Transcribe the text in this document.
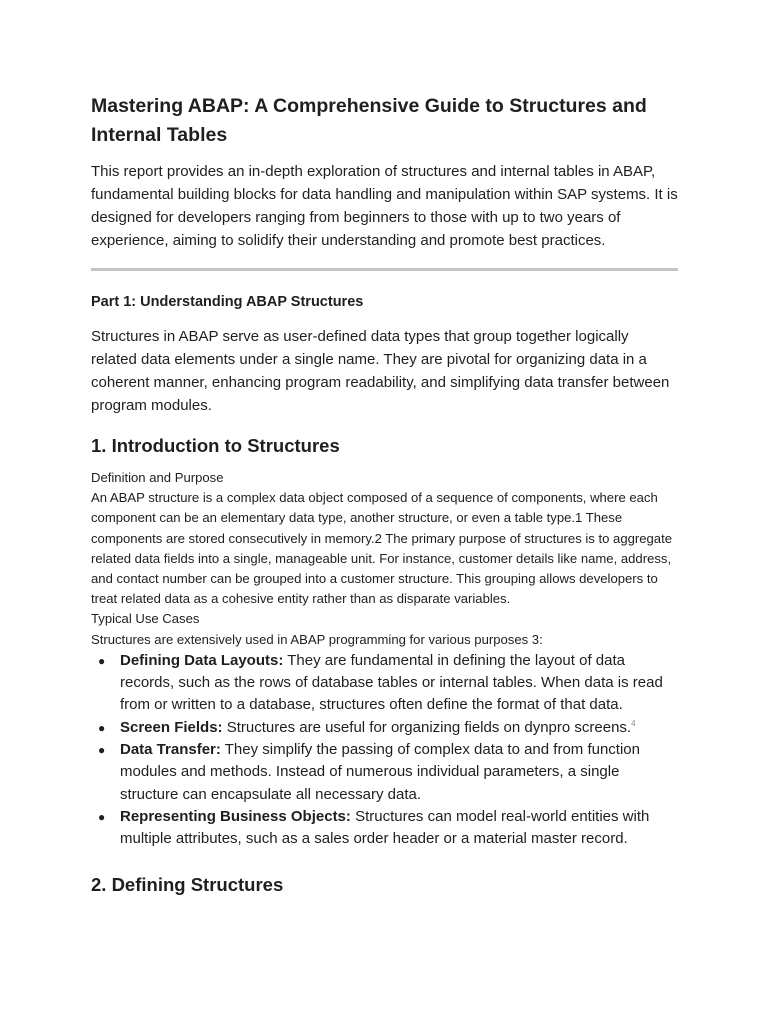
Mastering ABAP: A Comprehensive Guide to Structures and Internal Tables

This report provides an in-depth exploration of structures and internal tables in ABAP, fundamental building blocks for data handling and manipulation within SAP systems. It is designed for developers ranging from beginners to those with up to two years of experience, aiming to solidify their understanding and promote best practices.

Part 1: Understanding ABAP Structures

Structures in ABAP serve as user-defined data types that group together logically related data elements under a single name. They are pivotal for organizing data in a coherent manner, enhancing program readability, and simplifying data transfer between program modules.

1. Introduction to Structures
Definition and Purpose
An ABAP structure is a complex data object composed of a sequence of components, where each component can be an elementary data type, another structure, or even a table type.1 These components are stored consecutively in memory.2 The primary purpose of structures is to aggregate related data fields into a single, manageable unit. For instance, customer details like name, address, and contact number can be grouped into a customer structure. This grouping allows developers to treat related data as a cohesive entity rather than as disparate variables.
Typical Use Cases
Structures are extensively used in ABAP programming for various purposes 3:
● Defining Data Layouts: They are fundamental in defining the layout of data records, such as the rows of database tables or internal tables. When data is read from or written to a database, structures often define the format of that data.
● Screen Fields: Structures are useful for organizing fields on dynpro screens.$^4$
● Data Transfer: They simplify the passing of complex data to and from function modules and methods. Instead of numerous individual parameters, a single structure can encapsulate all necessary data.
● Representing Business Objects: Structures can model real-world entities with multiple attributes, such as a sales order header or a material master record.
2. Defining Structures
